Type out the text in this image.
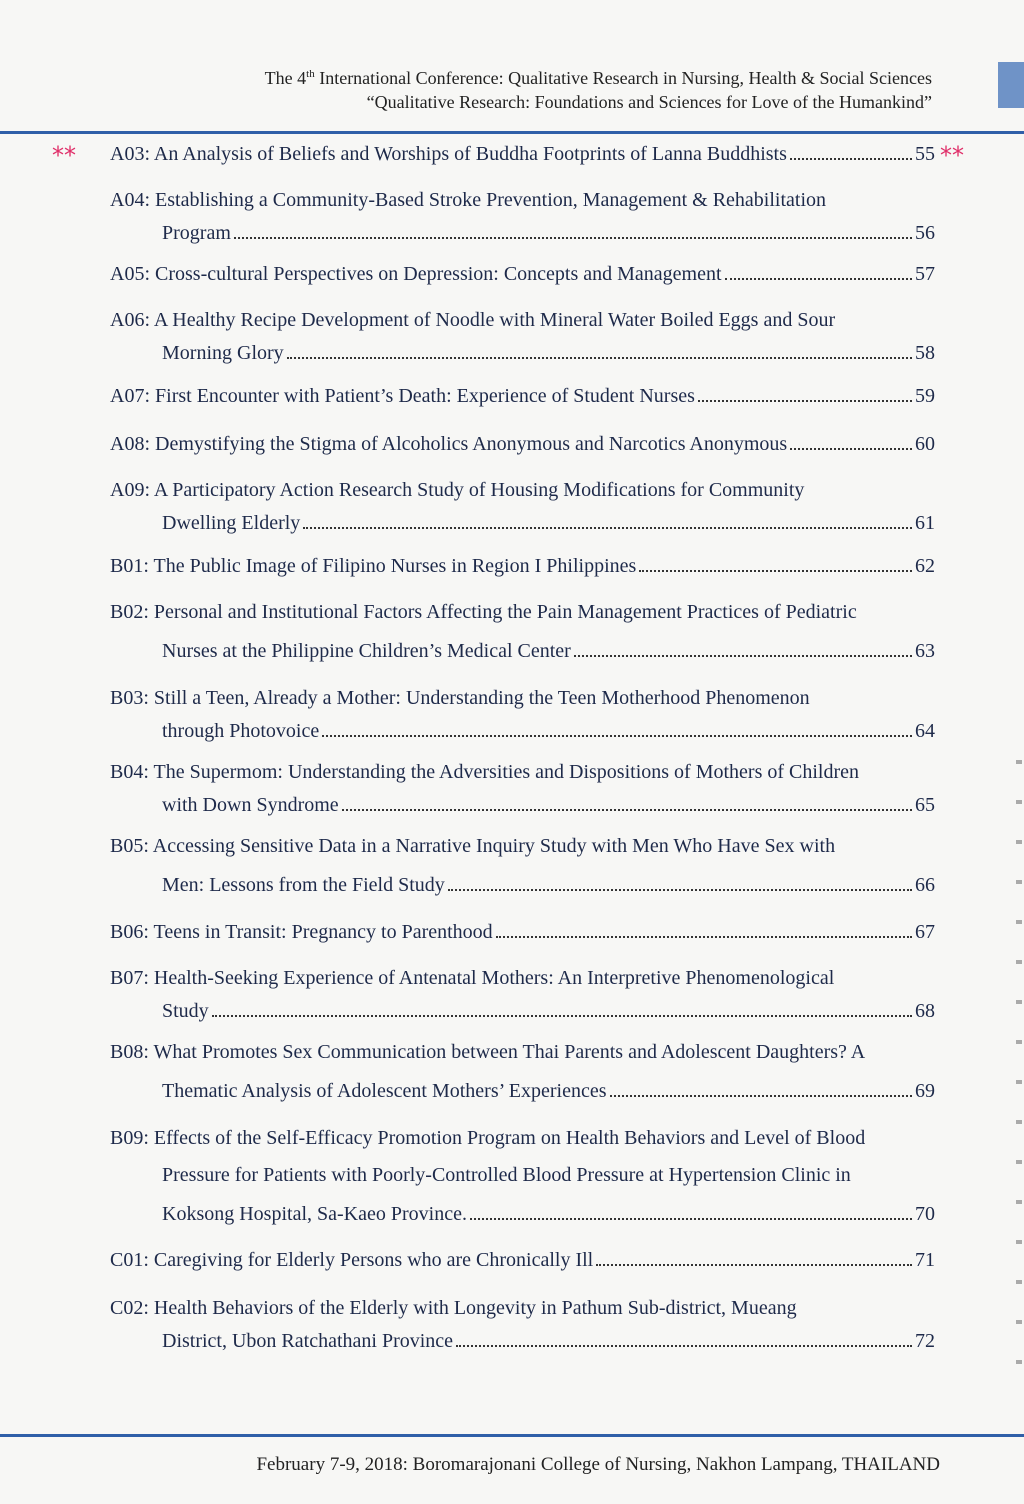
The 4th International Conference: Qualitative Research in Nursing, Health & Social Sciences
“Qualitative Research: Foundations and Sciences for Love of the Humankind”
⁎⁎	⁎⁎
A03: An Analysis of Beliefs and Worships of Buddha Footprints of Lanna Buddhists	55
A04: Establishing a Community-Based Stroke Prevention, Management & Rehabilitation
Program	56
A05: Cross-cultural Perspectives on Depression: Concepts and Management	57
A06: A Healthy Recipe Development of Noodle with Mineral Water Boiled Eggs and Sour
Morning Glory	58
A07: First Encounter with Patient’s Death: Experience of Student Nurses	59
A08: Demystifying the Stigma of Alcoholics Anonymous and Narcotics Anonymous	60
A09: A Participatory Action Research Study of Housing Modifications for Community
Dwelling Elderly	61
B01: The Public Image of Filipino Nurses in Region I Philippines	62
B02: Personal and Institutional Factors Affecting the Pain Management Practices of Pediatric
Nurses at the Philippine Children’s Medical Center	63
B03: Still a Teen, Already a Mother: Understanding the Teen Motherhood Phenomenon
through Photovoice	64
B04: The Supermom: Understanding the Adversities and Dispositions of Mothers of Children
with Down Syndrome	65
B05: Accessing Sensitive Data in a Narrative Inquiry Study with Men Who Have Sex with
Men: Lessons from the Field Study	66
B06: Teens in Transit: Pregnancy to Parenthood	67
B07: Health-Seeking Experience of Antenatal Mothers: An Interpretive Phenomenological
Study	68
B08: What Promotes Sex Communication between Thai Parents and Adolescent Daughters? A
Thematic Analysis of Adolescent Mothers’ Experiences	69
B09: Effects of the Self-Efficacy Promotion Program on Health Behaviors and Level of Blood
Pressure for Patients with Poorly-Controlled Blood Pressure at Hypertension Clinic in
Koksong Hospital, Sa-Kaeo Province.	70
C01: Caregiving for Elderly Persons who are Chronically Ill	71
C02: Health Behaviors of the Elderly with Longevity in Pathum Sub-district, Mueang
District, Ubon Ratchathani Province	72
February 7-9, 2018: Boromarajonani College of Nursing, Nakhon Lampang, THAILAND
